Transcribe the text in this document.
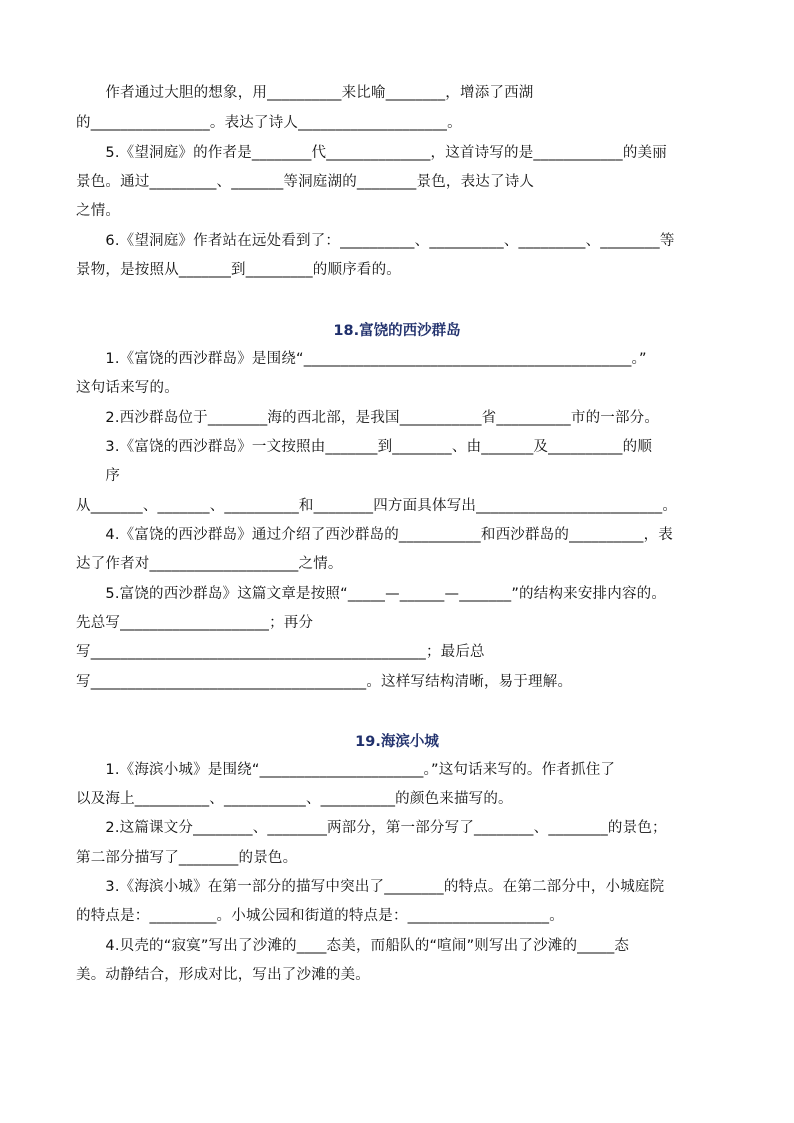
　　作者通过大胆的想象，用__________来比喻________，增添了西湖
的________________。表达了诗人____________________。
　　5.《望洞庭》的作者是________代______________，这首诗写的是____________的美丽
景色。通过_________、_______等洞庭湖的________景色，表达了诗人
之情。
　　6.《望洞庭》作者站在远处看到了：__________、__________、_________、________等
景物，是按照从_______到_________的顺序看的。
18.富饶的西沙群岛
　　1.《富饶的西沙群岛》是围绕“____________________________________________。”
这句话来写的。
　　2.西沙群岛位于________海的西北部，是我国___________省__________市的一部分。
　　3.《富饶的西沙群岛》一文按照由_______到________、由_______及__________的顺
　　序
从_______、_______、__________和________四方面具体写出_________________________。
　　4.《富饶的西沙群岛》通过介绍了西沙群岛的___________和西沙群岛的__________，表
达了作者对____________________之情。
　　5.富饶的西沙群岛》这篇文章是按照“_____—______—_______”的结构来安排内容的。
先总写____________________；再分
写_____________________________________________；最后总
写_____________________________________。这样写结构清晰，易于理解。
19.海滨小城
　　1.《海滨小城》是围绕“______________________。”这句话来写的。作者抓住了
以及海上__________、___________、__________的颜色来描写的。
　　2.这篇课文分________、________两部分，第一部分写了________、________的景色；
第二部分描写了________的景色。
　　3.《海滨小城》在第一部分的描写中突出了________的特点。在第二部分中，小城庭院
的特点是：_________。小城公园和街道的特点是：___________________。
　　4.贝壳的“寂寞”写出了沙滩的____态美，而船队的“喧闹”则写出了沙滩的_____态
美。动静结合，形成对比，写出了沙滩的美。
